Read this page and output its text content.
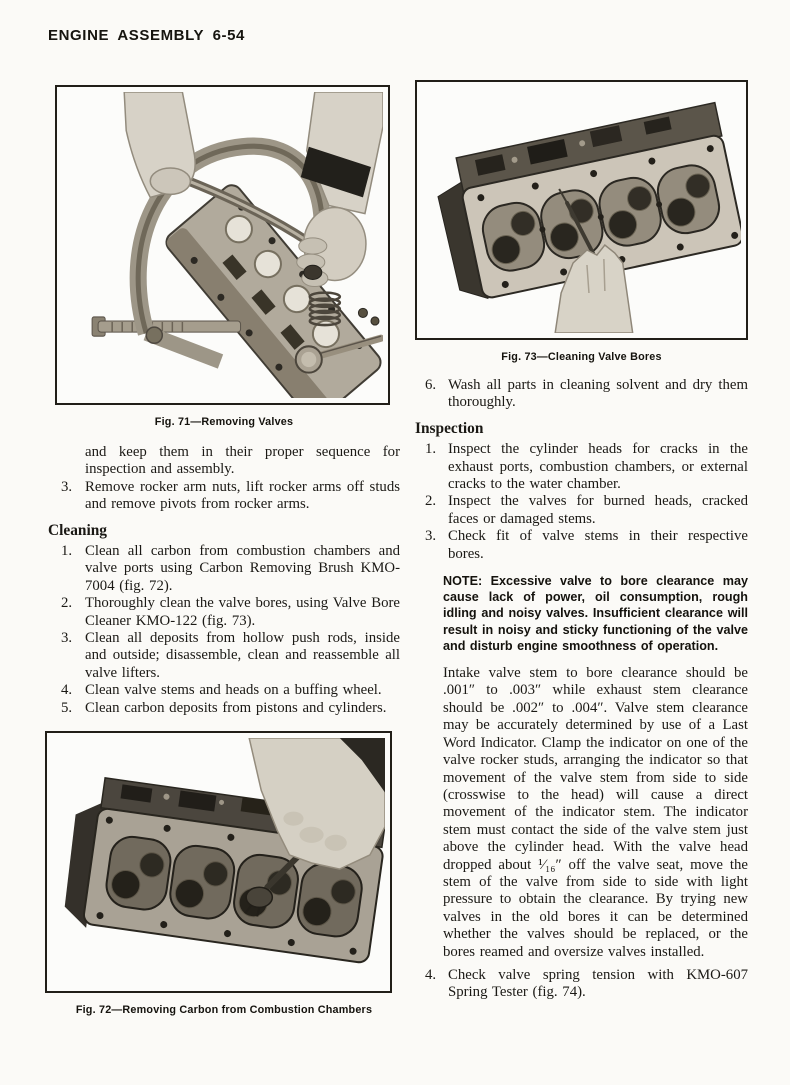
ENGINE ASSEMBLY 6-54
Fig. 71—Removing Valves

and keep them in their proper sequence for inspection and assembly.

3. Remove rocker arm nuts, lift rocker arms off studs and remove pivots from rocker arms.
Cleaning
1. Clean all carbon from combustion chambers and valve ports using Carbon Removing Brush KMO-7004 (fig. 72).
2. Thoroughly clean the valve bores, using Valve Bore Cleaner KMO-122 (fig. 73).
3. Clean all deposits from hollow push rods, inside and outside; disassemble, clean and reassemble all valve lifters.
4. Clean valve stems and heads on a buffing wheel.
5. Clean carbon deposits from pistons and cylinders.
Fig. 72—Removing Carbon from Combustion Chambers
Fig. 73—Cleaning Valve Bores
6. Wash all parts in cleaning solvent and dry them thoroughly.
Inspection
1. Inspect the cylinder heads for cracks in the exhaust ports, combustion chambers, or external cracks to the water chamber.
2. Inspect the valves for burned heads, cracked faces or damaged stems.
3. Check fit of valve stems in their respective bores.
NOTE: Excessive valve to bore clearance may cause lack of power, oil consumption, rough idling and noisy valves. Insufficient clearance will result in noisy and sticky functioning of the valve and disturb engine smoothness of operation.

Intake valve stem to bore clearance should be .001″ to .003″ while exhaust stem clearance should be .002″ to .004″. Valve stem clearance may be accurately determined by use of a Last Word Indicator. Clamp the indicator on one of the valve rocker studs, arranging the indicator so that movement of the valve stem from side to side (crosswise to the head) will cause a direct movement of the indicator stem. The indicator stem must contact the side of the valve stem just above the cylinder head. With the valve head dropped about ¹⁄₁₆″ off the valve seat, move the stem of the valve from side to side with light pressure to obtain the clearance. By trying new valves in the old bores it can be determined whether the valves should be replaced, or the bores reamed and oversize valves installed.

4. Check valve spring tension with KMO-607 Spring Tester (fig. 74).
